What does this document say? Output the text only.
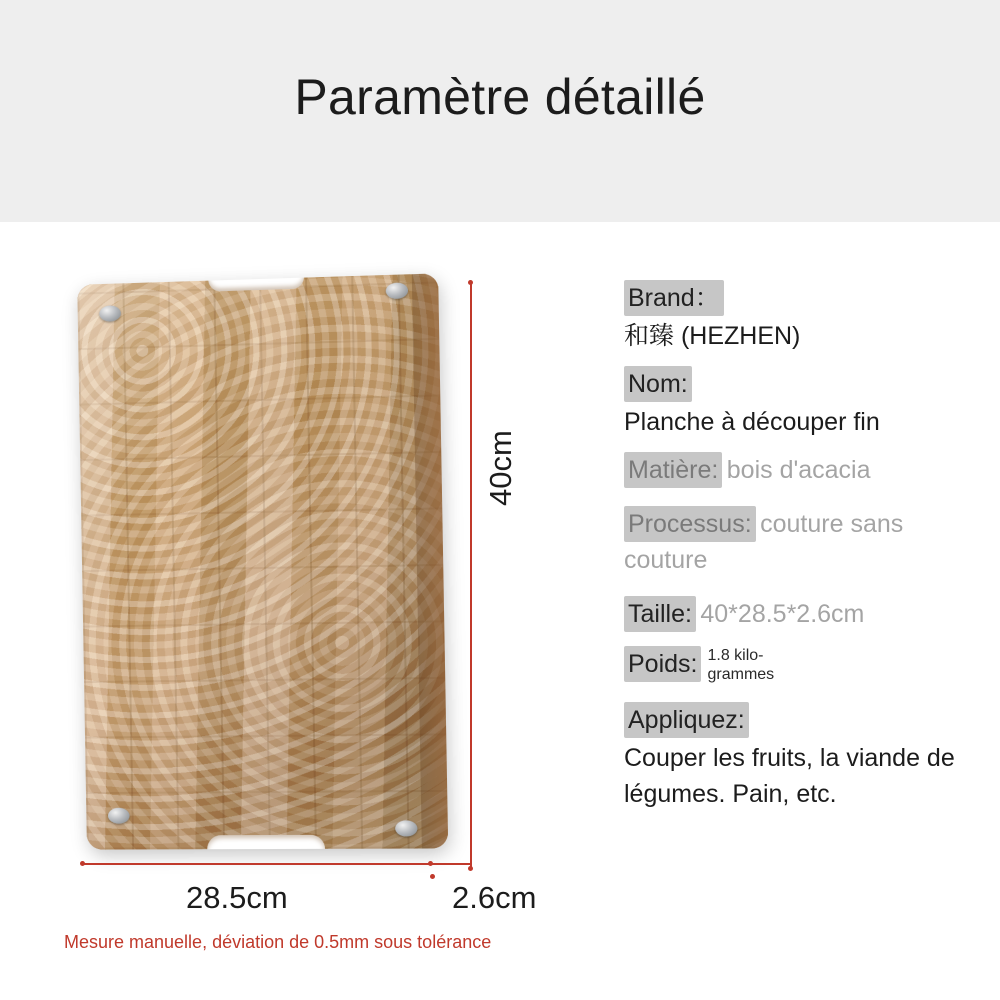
Paramètre détaillé
40cm
28.5cm	2.6cm
Mesure manuelle, déviation de 0.5mm sous tolérance
Brand：
和臻 (HEZHEN)
Nom:
Planche à découper fin
Matière: bois d'acacia
Processus: couture sans couture
Taille: 40*28.5*2.6cm
Poids: 1.8 kilo-grammes
Appliquez:
Couper les fruits, la viande de légumes. Pain, etc.
